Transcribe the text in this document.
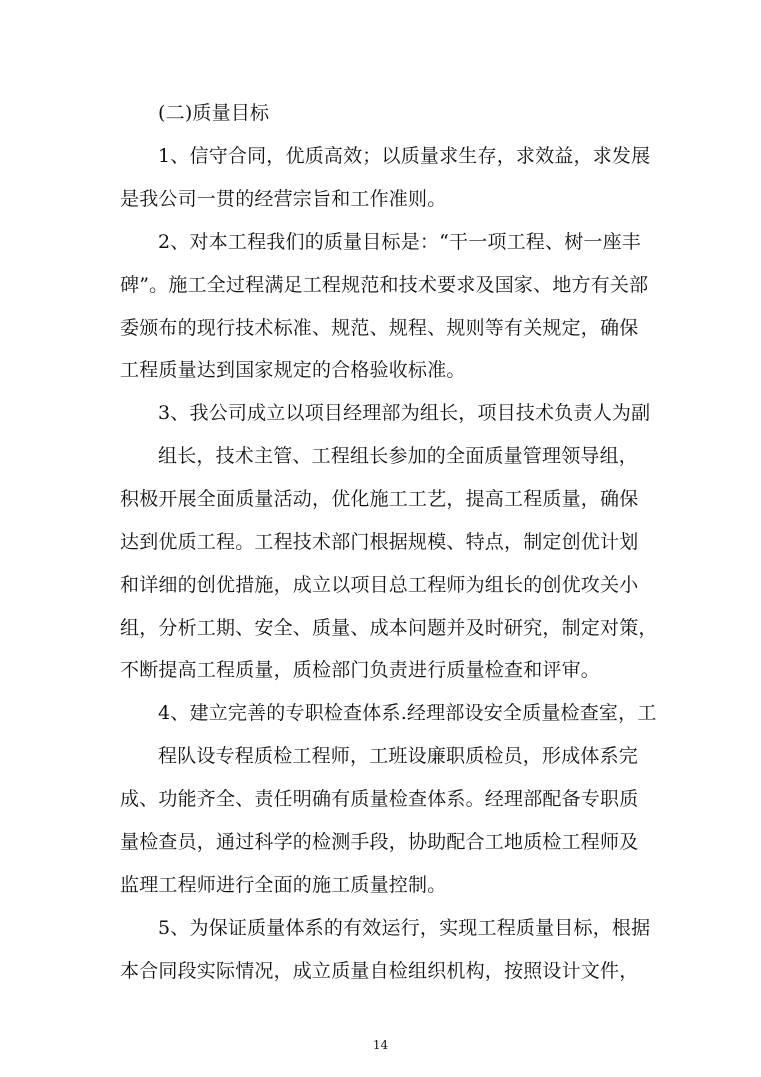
(二)质量目标
1、信守合同，优质高效；以质量求生存，求效益，求发展
是我公司一贯的经营宗旨和工作准则。
2、对本工程我们的质量目标是：“干一项工程、树一座丰
碑”。施工全过程满足工程规范和技术要求及国家、地方有关部
委颁布的现行技术标准、规范、规程、规则等有关规定，确保
工程质量达到国家规定的合格验收标准。
3、我公司成立以项目经理部为组长，项目技术负责人为副
组长，技术主管、工程组长参加的全面质量管理领导组，
积极开展全面质量活动，优化施工工艺，提高工程质量，确保
达到优质工程。工程技术部门根据规模、特点，制定创优计划
和详细的创优措施，成立以项目总工程师为组长的创优攻关小
组，分析工期、安全、质量、成本问题并及时研究，制定对策，
不断提高工程质量，质检部门负责进行质量检查和评审。
4、建立完善的专职检查体系.经理部设安全质量检查室，工
程队设专程质检工程师，工班设廉职质检员，形成体系完
成、功能齐全、责任明确有质量检查体系。经理部配备专职质
量检查员，通过科学的检测手段，协助配合工地质检工程师及
监理工程师进行全面的施工质量控制。
5、为保证质量体系的有效运行，实现工程质量目标，根据
本合同段实际情况，成立质量自检组织机构，按照设计文件，
14
